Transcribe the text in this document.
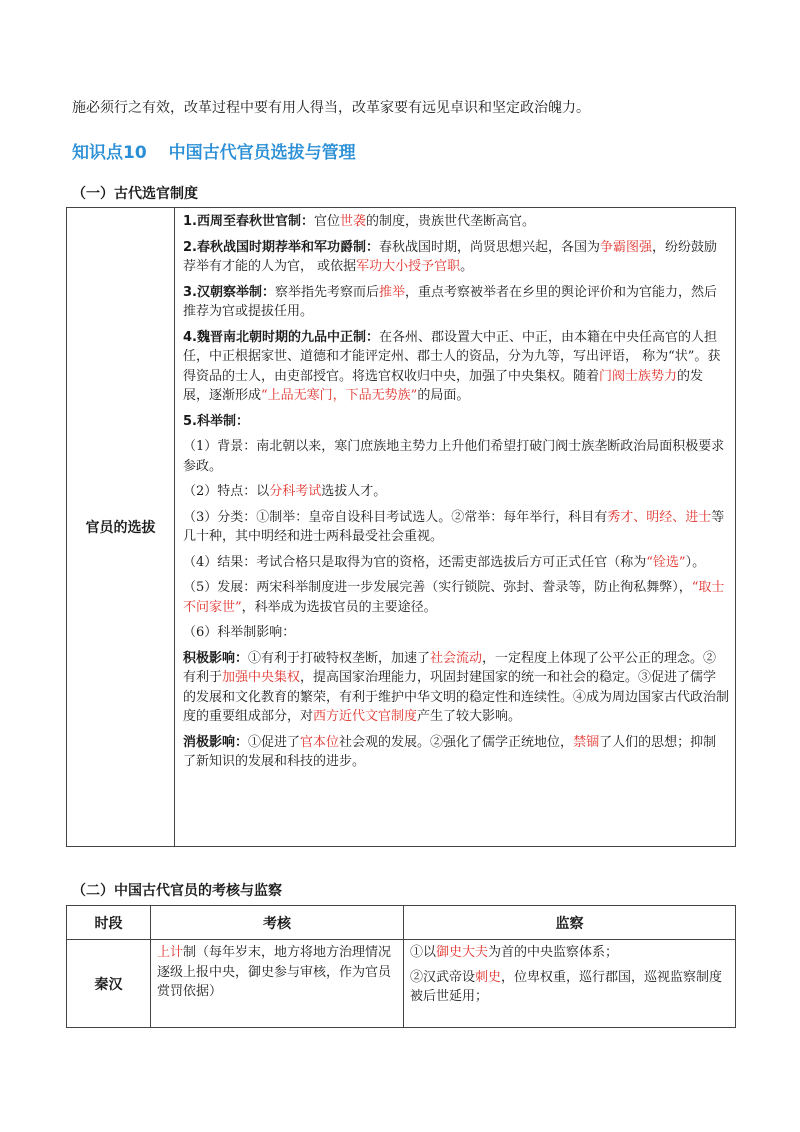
施必须行之有效，改革过程中要有用人得当，改革家要有远见卓识和坚定政治魄力。
知识点10 中国古代官员选拔与管理
（一）古代选官制度
官员的选拔	
1.西周至春秋世官制：官位世袭的制度，贵族世代垄断高官。
2.春秋战国时期荐举和军功爵制：春秋战国时期，尚贤思想兴起，各国为争霸图强，纷纷鼓励荐举有才能的人为官， 或依据军功大小授予官职。
3.汉朝察举制：察举指先考察而后推举，重点考察被举者在乡里的舆论评价和为官能力，然后推荐为官或提拔任用。
4.魏晋南北朝时期的九品中正制：在各州、郡设置大中正、中正，由本籍在中央任高官的人担任，中正根据家世、道德和才能评定州、郡士人的资品，分为九等，写出评语， 称为“状”。获得资品的士人，由吏部授官。将选官权收归中央，加强了中央集权。随着门阀士族势力的发展，逐渐形成“上品无寒门，下品无势族”的局面。
5.科举制：
（1）背景：南北朝以来，寒门庶族地主势力上升他们希望打破门阀士族垄断政治局面积极要求参政。
（2）特点：以分科考试选拔人才。
（3）分类：①制举：皇帝自设科目考试选人。②常举：每年举行，科目有秀才、明经、进士等几十种，其中明经和进士两科最受社会重视。
（4）结果：考试合格只是取得为官的资格，还需吏部选拔后方可正式任官（称为“铨选”）。
（5）发展：两宋科举制度进一步发展完善（实行锁院、弥封、誊录等，防止徇私舞弊），“取士不问家世”，科举成为选拔官员的主要途径。
（6）科举制影响：
积极影响：①有利于打破特权垄断，加速了社会流动，一定程度上体现了公平公正的理念。②有利于加强中央集权，提高国家治理能力，巩固封建国家的统一和社会的稳定。③促进了儒学的发展和文化教育的繁荣，有利于维护中华文明的稳定性和连续性。④成为周边国家古代政治制度的重要组成部分，对西方近代文官制度产生了较大影响。
消极影响：①促进了官本位社会观的发展。②强化了儒学正统地位，禁锢了人们的思想；抑制了新知识的发展和科技的进步。
（二）中国古代官员的考核与监察
时段	考核	监察
秦汉	上计制（每年岁末，地方将地方治理情况逐级上报中央，御史参与审核，作为官员赏罚依据）	①以御史大夫为首的中央监察体系；
②汉武帝设刺史，位卑权重，巡行郡国，巡视监察制度被后世延用；
